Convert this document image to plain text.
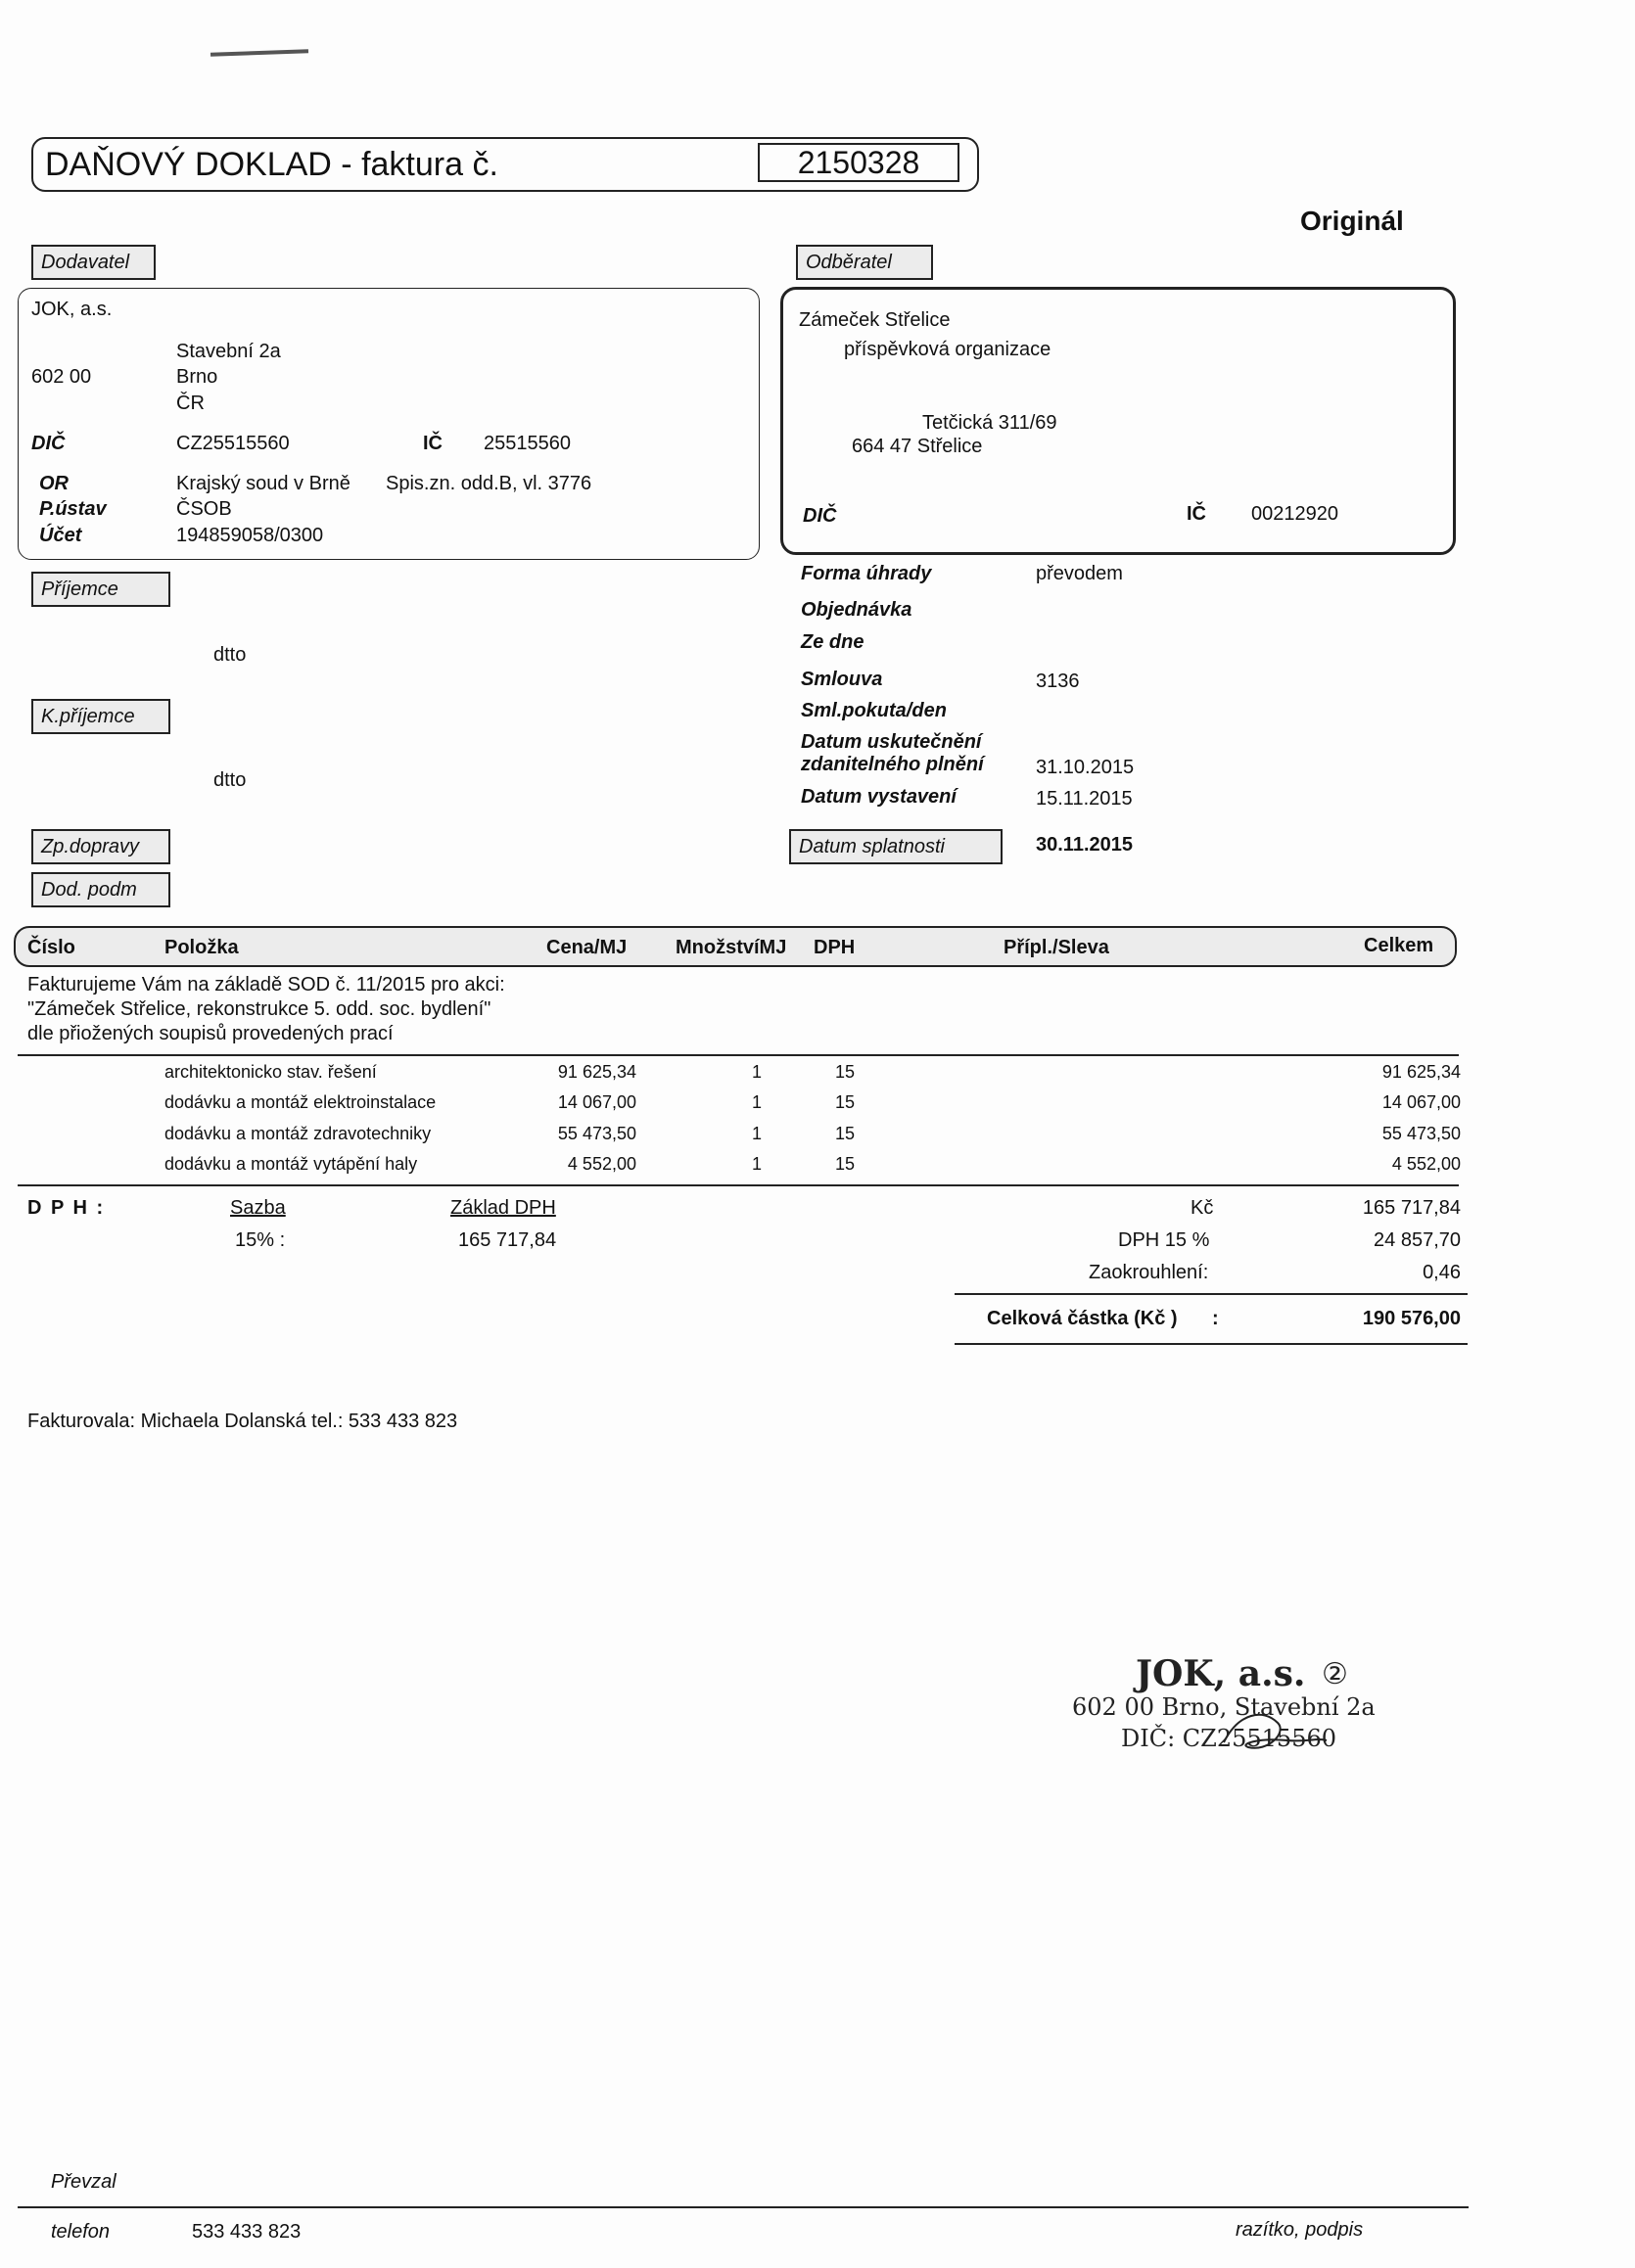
DAŇOVÝ DOKLAD - faktura č.	2150328
Originál
Dodavatel
JOK, a.s.
Stavební 2a
602 00	Brno
ČR
DIČ	CZ25515560	IČ 25515560
OR	Krajský soud v Brně Spis.zn. odd.B, vl. 3776
P.ústav	ČSOB
Účet	194859058/0300
Odběratel
Zámeček Střelice
příspěvková organizace
Tetčická 311/69
664 47 Střelice
DIČ	IČ 00212920
Příjemce
dtto
K.příjemce
dtto
Forma úhrady	převodem
Objednávka
Ze dne
Smlouva	3136
Sml.pokuta/den
Datum uskutečnění
zdanitelného plnění	31.10.2015
Datum vystavení	15.11.2015
Datum splatnosti	30.11.2015
Zp.dopravy
Dod. podm
Číslo	Položka	Cena/MJ MnožstvíMJ DPH	Přípl./Sleva	Celkem
Fakturujeme Vám na základě SOD č. 11/2015 pro akci:
"Zámeček Střelice, rekonstrukce 5. odd. soc. bydlení"
dle přiožených soupisů provedených prací
architektonicko stav. řešení	91 625,34	1	15	91 625,34
dodávku a montáž elektroinstalace	14 067,00	1	15	14 067,00
dodávku a montáž zdravotechniky	55 473,50	1	15	55 473,50
dodávku a montáž vytápění haly	4 552,00	1	15	4 552,00
D P H :	Sazba	Základ DPH
15% :	165 717,84
Kč	165 717,84
DPH 15 %	24 857,70
Zaokrouhlení:	0,46
Celková částka (Kč ) :	190 576,00
Fakturovala: Michaela Dolanská tel.: 533 433 823
JOK, a.s. ②
602 00 Brno, Stavební 2a
DIČ: CZ25515560
Převzal
telefon	533 433 823	razítko, podpis
